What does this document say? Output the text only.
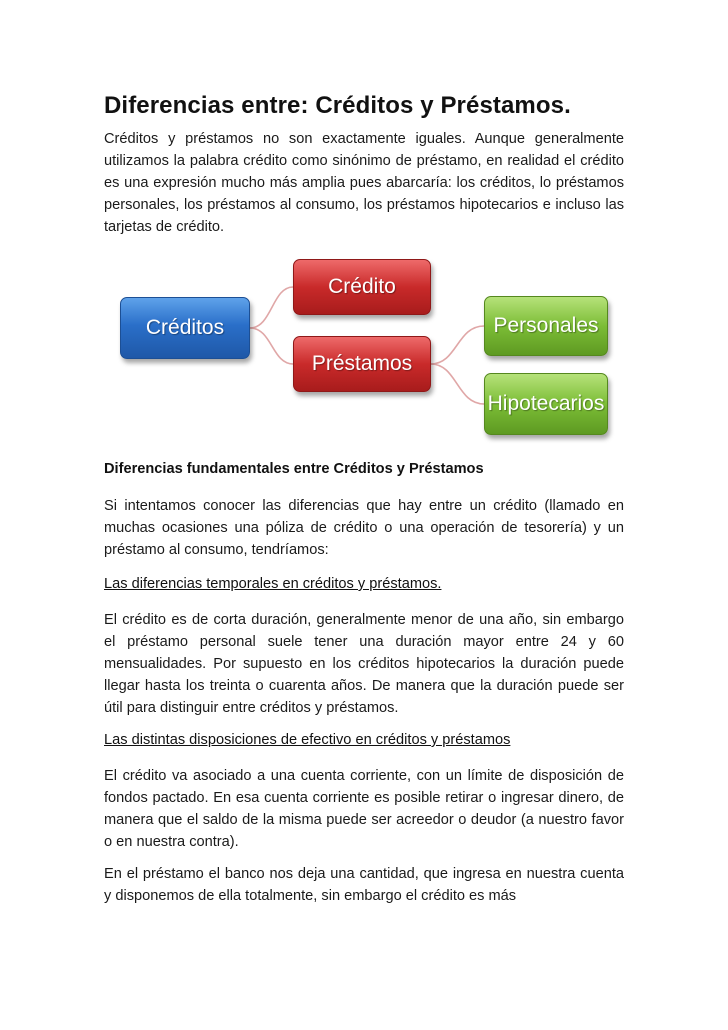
Diferencias entre: Créditos y Préstamos.

Créditos y préstamos no son exactamente iguales. Aunque generalmente utilizamos la palabra crédito como sinónimo de préstamo, en realidad el crédito es una expresión mucho más amplia pues abarcaría: los créditos, lo préstamos personales, los préstamos al consumo, los préstamos hipotecarios e incluso las tarjetas de crédito.

Créditos
Crédito
Préstamos
Personales
Hipotecarios
Diferencias fundamentales entre Créditos y Préstamos

Si intentamos conocer las diferencias que hay entre un crédito (llamado en muchas ocasiones una póliza de crédito o una operación de tesorería) y un préstamo al consumo, tendríamos:

Las diferencias temporales en créditos y préstamos.

El crédito es de corta duración, generalmente menor de una año, sin embargo el préstamo personal suele tener una duración mayor entre 24 y 60 mensualidades. Por supuesto en los créditos hipotecarios la duración puede llegar hasta los treinta o cuarenta años. De manera que la duración puede ser útil para distinguir entre créditos y préstamos.

Las distintas disposiciones de efectivo en créditos y préstamos

El crédito va asociado a una cuenta corriente, con un límite de disposición de fondos pactado. En esa cuenta corriente es posible retirar o ingresar dinero, de manera que el saldo de la misma puede ser acreedor o deudor (a nuestro favor o en nuestra contra).

En el préstamo el banco nos deja una cantidad, que ingresa en nuestra cuenta y disponemos de ella totalmente, sin embargo el crédito es más
